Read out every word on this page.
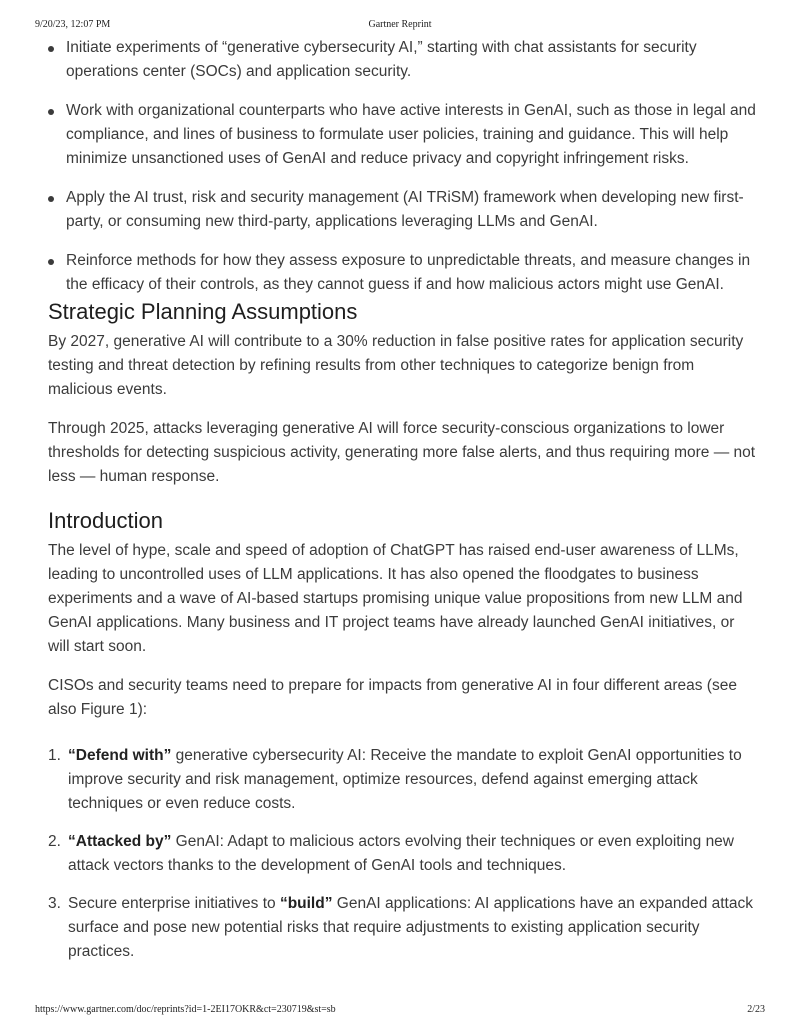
9/20/23, 12:07 PM	Gartner Reprint
Initiate experiments of “generative cybersecurity AI,” starting with chat assistants for security operations center (SOCs) and application security.
Work with organizational counterparts who have active interests in GenAI, such as those in legal and compliance, and lines of business to formulate user policies, training and guidance. This will help minimize unsanctioned uses of GenAI and reduce privacy and copyright infringement risks.
Apply the AI trust, risk and security management (AI TRiSM) framework when developing new first-party, or consuming new third-party, applications leveraging LLMs and GenAI.
Reinforce methods for how they assess exposure to unpredictable threats, and measure changes in the efficacy of their controls, as they cannot guess if and how malicious actors might use GenAI.
Strategic Planning Assumptions

By 2027, generative AI will contribute to a 30% reduction in false positive rates for application security testing and threat detection by refining results from other techniques to categorize benign from malicious events.

Through 2025, attacks leveraging generative AI will force security-conscious organizations to lower thresholds for detecting suspicious activity, generating more false alerts, and thus requiring more — not less — human response.

Introduction

The level of hype, scale and speed of adoption of ChatGPT has raised end-user awareness of LLMs, leading to uncontrolled uses of LLM applications. It has also opened the floodgates to business experiments and a wave of AI-based startups promising unique value propositions from new LLM and GenAI applications. Many business and IT project teams have already launched GenAI initiatives, or will start soon.

CISOs and security teams need to prepare for impacts from generative AI in four different areas (see also Figure 1):

1. “Defend with” generative cybersecurity AI: Receive the mandate to exploit GenAI opportunities to improve security and risk management, optimize resources, defend against emerging attack techniques or even reduce costs.
2. “Attacked by” GenAI: Adapt to malicious actors evolving their techniques or even exploiting new attack vectors thanks to the development of GenAI tools and techniques.
3. Secure enterprise initiatives to “build” GenAI applications: AI applications have an expanded attack surface and pose new potential risks that require adjustments to existing application security practices.
https://www.gartner.com/doc/reprints?id=1-2EI17OKR&ct=230719&st=sb	2/23
